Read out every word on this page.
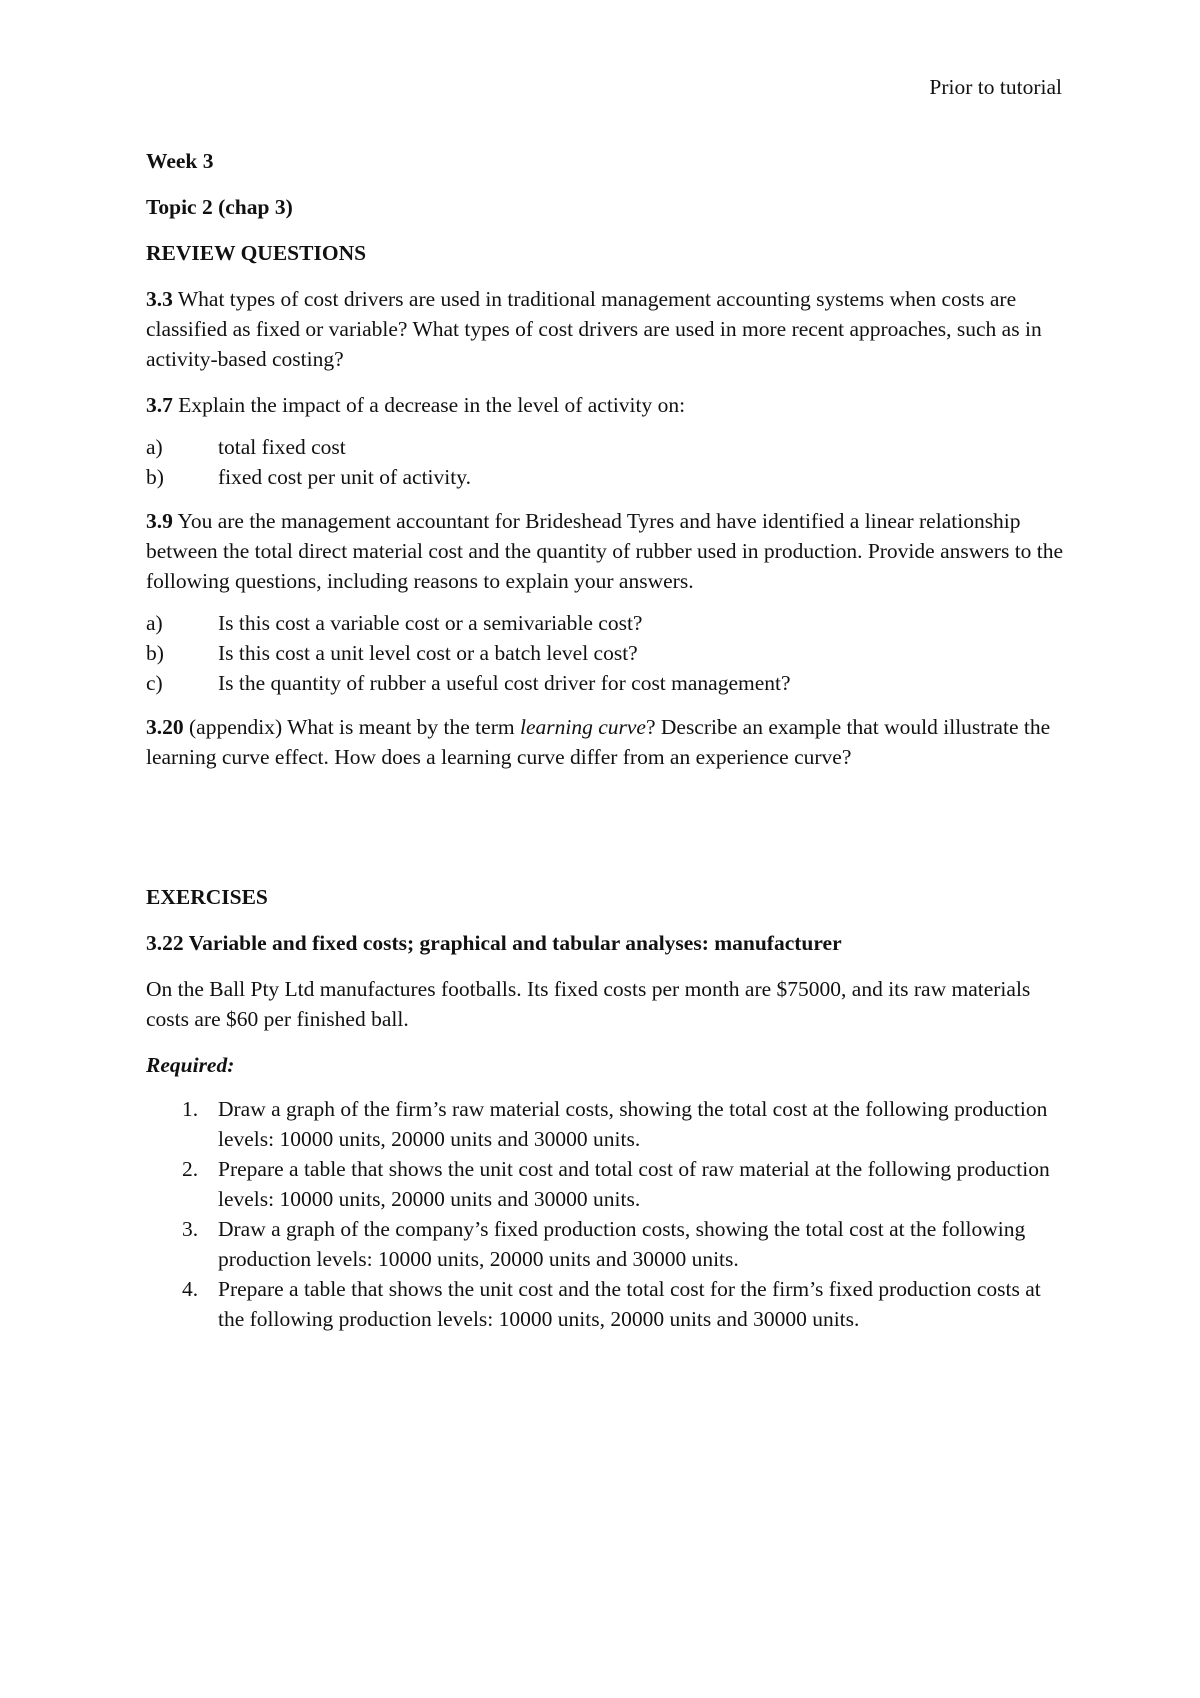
Prior to tutorial
Week 3
Topic 2 (chap 3)
REVIEW QUESTIONS
3.3 What types of cost drivers are used in traditional management accounting systems when costs are classified as fixed or variable? What types of cost drivers are used in more recent approaches, such as in activity-based costing?
3.7 Explain the impact of a decrease in the level of activity on:
a)	total fixed cost
b)	fixed cost per unit of activity.
3.9 You are the management accountant for Brideshead Tyres and have identified a linear relationship between the total direct material cost and the quantity of rubber used in production. Provide answers to the following questions, including reasons to explain your answers.
a)	Is this cost a variable cost or a semivariable cost?
b)	Is this cost a unit level cost or a batch level cost?
c)	Is the quantity of rubber a useful cost driver for cost management?
3.20 (appendix) What is meant by the term learning curve? Describe an example that would illustrate the learning curve effect. How does a learning curve differ from an experience curve?
EXERCISES
3.22 Variable and fixed costs; graphical and tabular analyses: manufacturer
On the Ball Pty Ltd manufactures footballs. Its fixed costs per month are $75000, and its raw materials costs are $60 per finished ball.
Required:
1. Draw a graph of the firm’s raw material costs, showing the total cost at the following production levels: 10000 units, 20000 units and 30000 units.
2. Prepare a table that shows the unit cost and total cost of raw material at the following production levels: 10000 units, 20000 units and 30000 units.
3. Draw a graph of the company’s fixed production costs, showing the total cost at the following production levels: 10000 units, 20000 units and 30000 units.
4. Prepare a table that shows the unit cost and the total cost for the firm’s fixed production costs at the following production levels: 10000 units, 20000 units and 30000 units.
